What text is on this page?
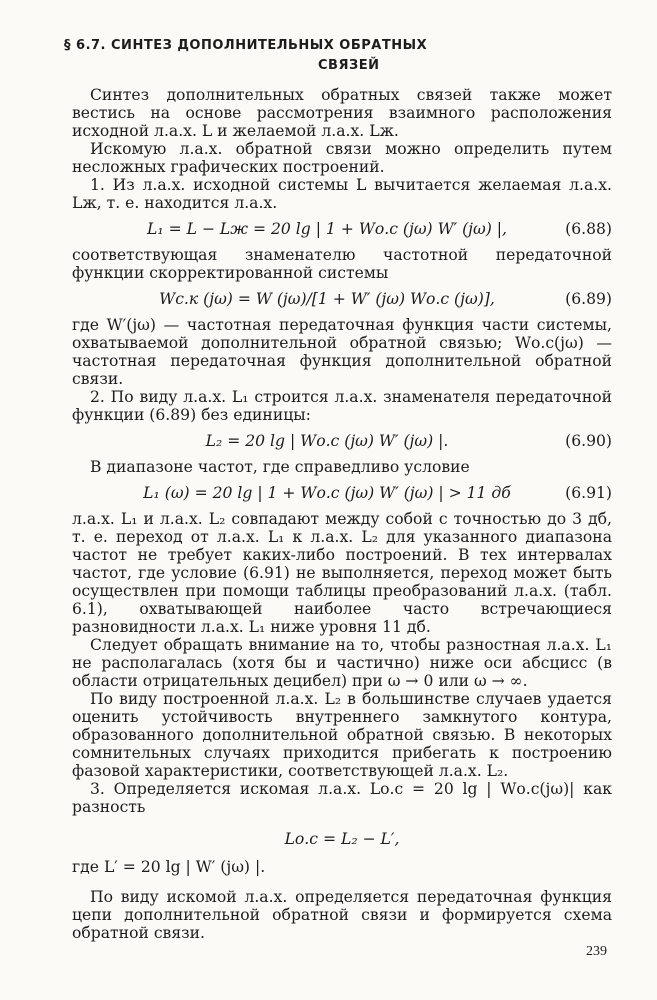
§ 6.7. СИНТЕЗ ДОПОЛНИТЕЛЬНЫХ ОБРАТНЫХ
СВЯЗЕЙ

Синтез дополнительных обратных связей также может вестись на основе рассмотрения взаимного расположения исходной л.а.х. L и желаемой л.а.х. Lж.

Искомую л.а.х. обратной связи можно определить путем несложных графических построений.

1. Из л.а.х. исходной системы L вычитается желаемая л.а.х. Lж, т. е. находится л.а.х.

L₁ = L − Lж = 20 lg | 1 + Wо.с (jω) W′ (jω) |,	(6.88)

соответствующая знаменателю частотной передаточной функции скорректированной системы

Wс.к (jω) = W (jω)/[1 + W′ (jω) Wо.с (jω)],	(6.89)

где W′(jω) — частотная передаточная функция части системы, охватываемой дополнительной обратной связью; Wо.с(jω) — частотная передаточная функция дополнительной обратной связи.

2. По виду л.а.х. L₁ строится л.а.х. знаменателя передаточной функции (6.89) без единицы:

L₂ = 20 lg | Wо.с (jω) W′ (jω) |.	(6.90)

В диапазоне частот, где справедливо условие

L₁ (ω) = 20 lg | 1 + Wо.с (jω) W′ (jω) | > 11 дб	(6.91)

л.а.х. L₁ и л.а.х. L₂ совпадают между собой с точностью до 3 дб, т. е. переход от л.а.х. L₁ к л.а.х. L₂ для указанного диапазона частот не требует каких-либо построений. В тех интервалах частот, где условие (6.91) не выполняется, переход может быть осуществлен при помощи таблицы преобразований л.а.х. (табл. 6.1), охватывающей наиболее часто встречающиеся разновидности л.а.х. L₁ ниже уровня 11 дб.

Следует обращать внимание на то, чтобы разностная л.а.х. L₁ не располагалась (хотя бы и частично) ниже оси абсцисс (в области отрицательных децибел) при ω → 0 или ω → ∞.

По виду построенной л.а.х. L₂ в большинстве случаев удается оценить устойчивость внутреннего замкнутого контура, образованного дополнительной обратной связью. В некоторых сомнительных случаях приходится прибегать к построению фазовой характеристики, соответствующей л.а.х. L₂.

3. Определяется искомая л.а.х. Lо.с = 20 lg | Wо.с(jω)| как разность

Lо.с = L₂ − L′,

где L′ = 20 lg | W′ (jω) |.

По виду искомой л.а.х. определяется передаточная функция цепи дополнительной обратной связи и формируется схема обратной связи.

239
